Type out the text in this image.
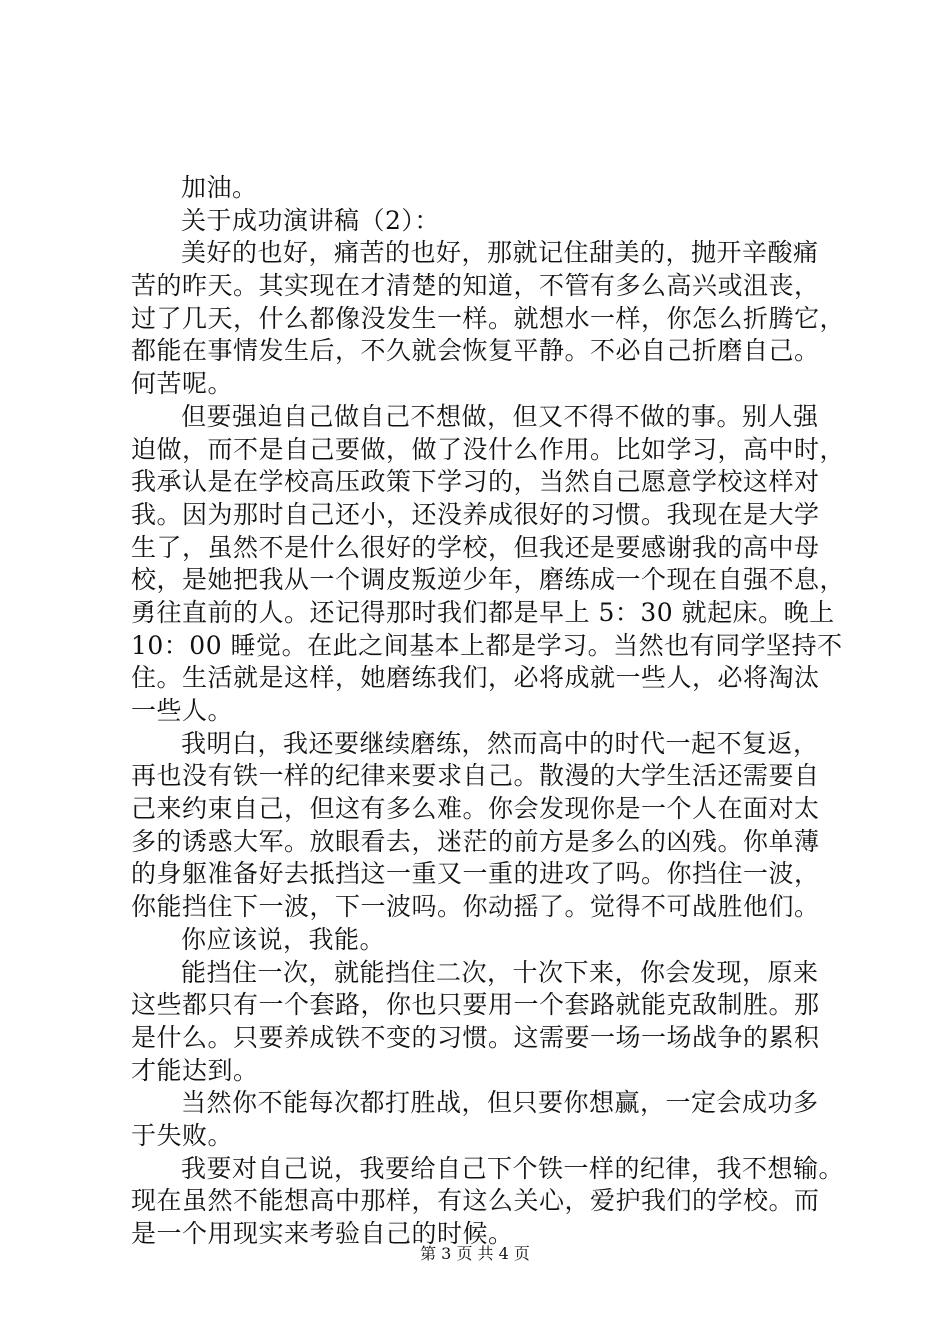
加油。
关于成功演讲稿（2）：
美好的也好，痛苦的也好，那就记住甜美的，抛开辛酸痛
苦的昨天。其实现在才清楚的知道，不管有多么高兴或沮丧，
过了几天，什么都像没发生一样。就想水一样，你怎么折腾它，
都能在事情发生后，不久就会恢复平静。不必自己折磨自己。
何苦呢。
但要强迫自己做自己不想做，但又不得不做的事。别人强
迫做，而不是自己要做，做了没什么作用。比如学习，高中时，
我承认是在学校高压政策下学习的，当然自己愿意学校这样对
我。因为那时自己还小，还没养成很好的习惯。我现在是大学
生了，虽然不是什么很好的学校，但我还是要感谢我的高中母
校，是她把我从一个调皮叛逆少年，磨练成一个现在自强不息，
勇往直前的人。还记得那时我们都是早上 5：30 就起床。晚上
10：00 睡觉。在此之间基本上都是学习。当然也有同学坚持不
住。生活就是这样，她磨练我们，必将成就一些人，必将淘汰
一些人。
我明白，我还要继续磨练，然而高中的时代一起不复返，
再也没有铁一样的纪律来要求自己。散漫的大学生活还需要自
己来约束自己，但这有多么难。你会发现你是一个人在面对太
多的诱惑大军。放眼看去，迷茫的前方是多么的凶残。你单薄
的身躯准备好去抵挡这一重又一重的进攻了吗。你挡住一波，
你能挡住下一波，下一波吗。你动摇了。觉得不可战胜他们。
你应该说，我能。
能挡住一次，就能挡住二次，十次下来，你会发现，原来
这些都只有一个套路，你也只要用一个套路就能克敌制胜。那
是什么。只要养成铁不变的习惯。这需要一场一场战争的累积
才能达到。
当然你不能每次都打胜战，但只要你想赢，一定会成功多
于失败。
我要对自己说，我要给自己下个铁一样的纪律，我不想输。
现在虽然不能想高中那样，有这么关心，爱护我们的学校。而
是一个用现实来考验自己的时候。
第 3 页 共 4 页
